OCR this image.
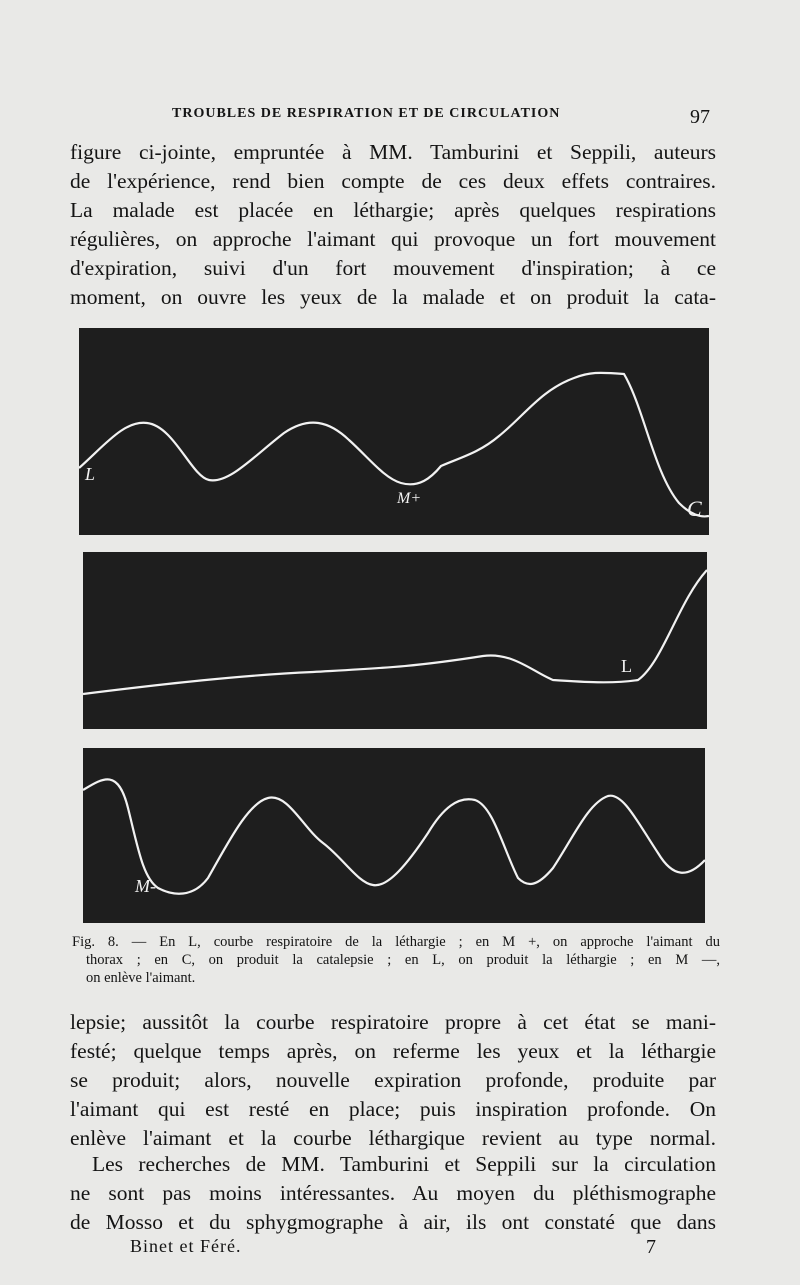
TROUBLES DE RESPIRATION ET DE CIRCULATION	97
figure ci-jointe, empruntée à MM. Tamburini et Seppili, auteurs
de l'expérience, rend bien compte de ces deux effets contraires.
La malade est placée en léthargie; après quelques respirations
régulières, on approche l'aimant qui provoque un fort mouvement
d'expiration, suivi d'un fort mouvement d'inspiration; à ce
moment, on ouvre les yeux de la malade et on produit la cata-
L
M+	C
L
M-
Fig. 8. — En L, courbe respiratoire de la léthargie ; en M +, on approche l'aimant du
thorax ; en C, on produit la catalepsie ; en L, on produit la léthargie ; en M —,
on enlève l'aimant.
lepsie; aussitôt la courbe respiratoire propre à cet état se mani-
festé; quelque temps après, on referme les yeux et la léthargie
se produit; alors, nouvelle expiration profonde, produite par
l'aimant qui est resté en place; puis inspiration profonde. On
enlève l'aimant et la courbe léthargique revient au type normal.
Les recherches de MM. Tamburini et Seppili sur la circulation
ne sont pas moins intéressantes. Au moyen du pléthismographe
de Mosso et du sphygmographe à air, ils ont constaté que dans
Binet et Féré.	7
